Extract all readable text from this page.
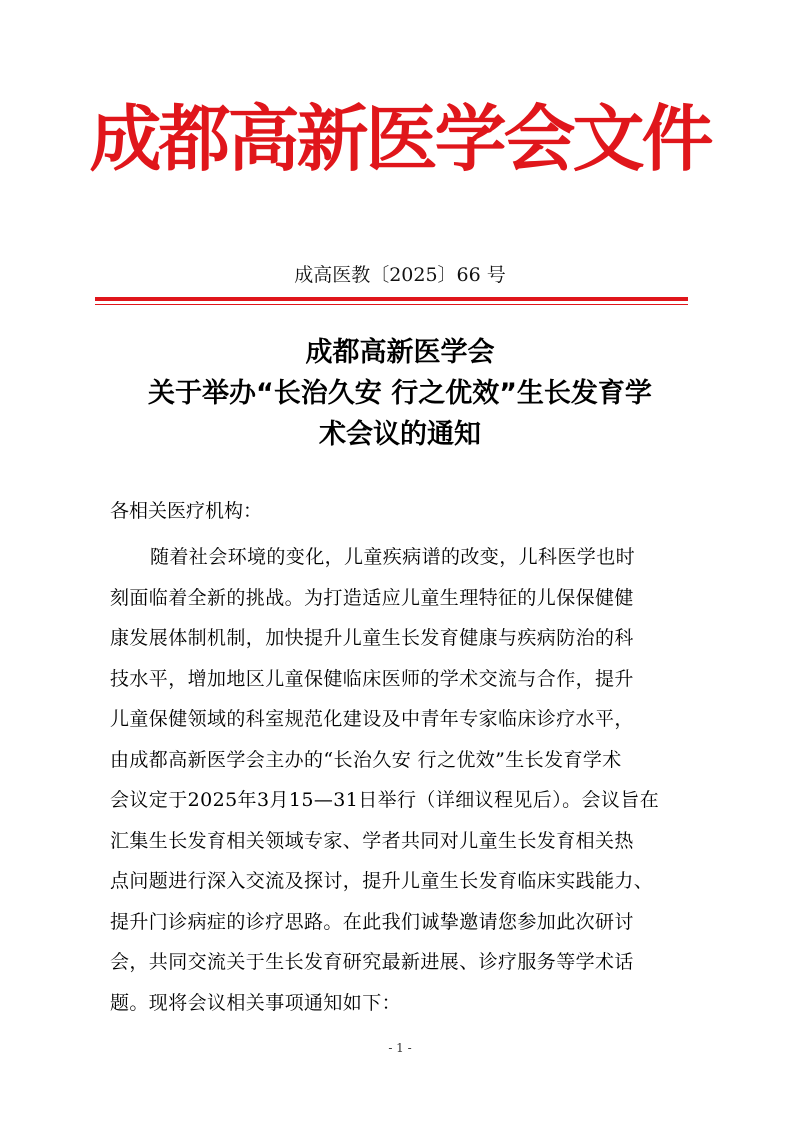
成都高新医学会文件
成高医教〔2025〕66 号
成都高新医学会
关于举办“长治久安 行之优效”生长发育学
术会议的通知
各相关医疗机构：
随着社会环境的变化，儿童疾病谱的改变，儿科医学也时
刻面临着全新的挑战。为打造适应儿童生理特征的儿保保健健
康发展体制机制，加快提升儿童生长发育健康与疾病防治的科
技水平，增加地区儿童保健临床医师的学术交流与合作，提升
儿童保健领域的科室规范化建设及中青年专家临床诊疗水平，
由成都高新医学会主办的“长治久安 行之优效”生长发育学术
会议定于2025年3月15—31日举行（详细议程见后）。会议旨在
汇集生长发育相关领域专家、学者共同对儿童生长发育相关热
点问题进行深入交流及探讨，提升儿童生长发育临床实践能力、
提升门诊病症的诊疗思路。在此我们诚挚邀请您参加此次研讨
会，共同交流关于生长发育研究最新进展、诊疗服务等学术话
题。现将会议相关事项通知如下：
- 1 -
